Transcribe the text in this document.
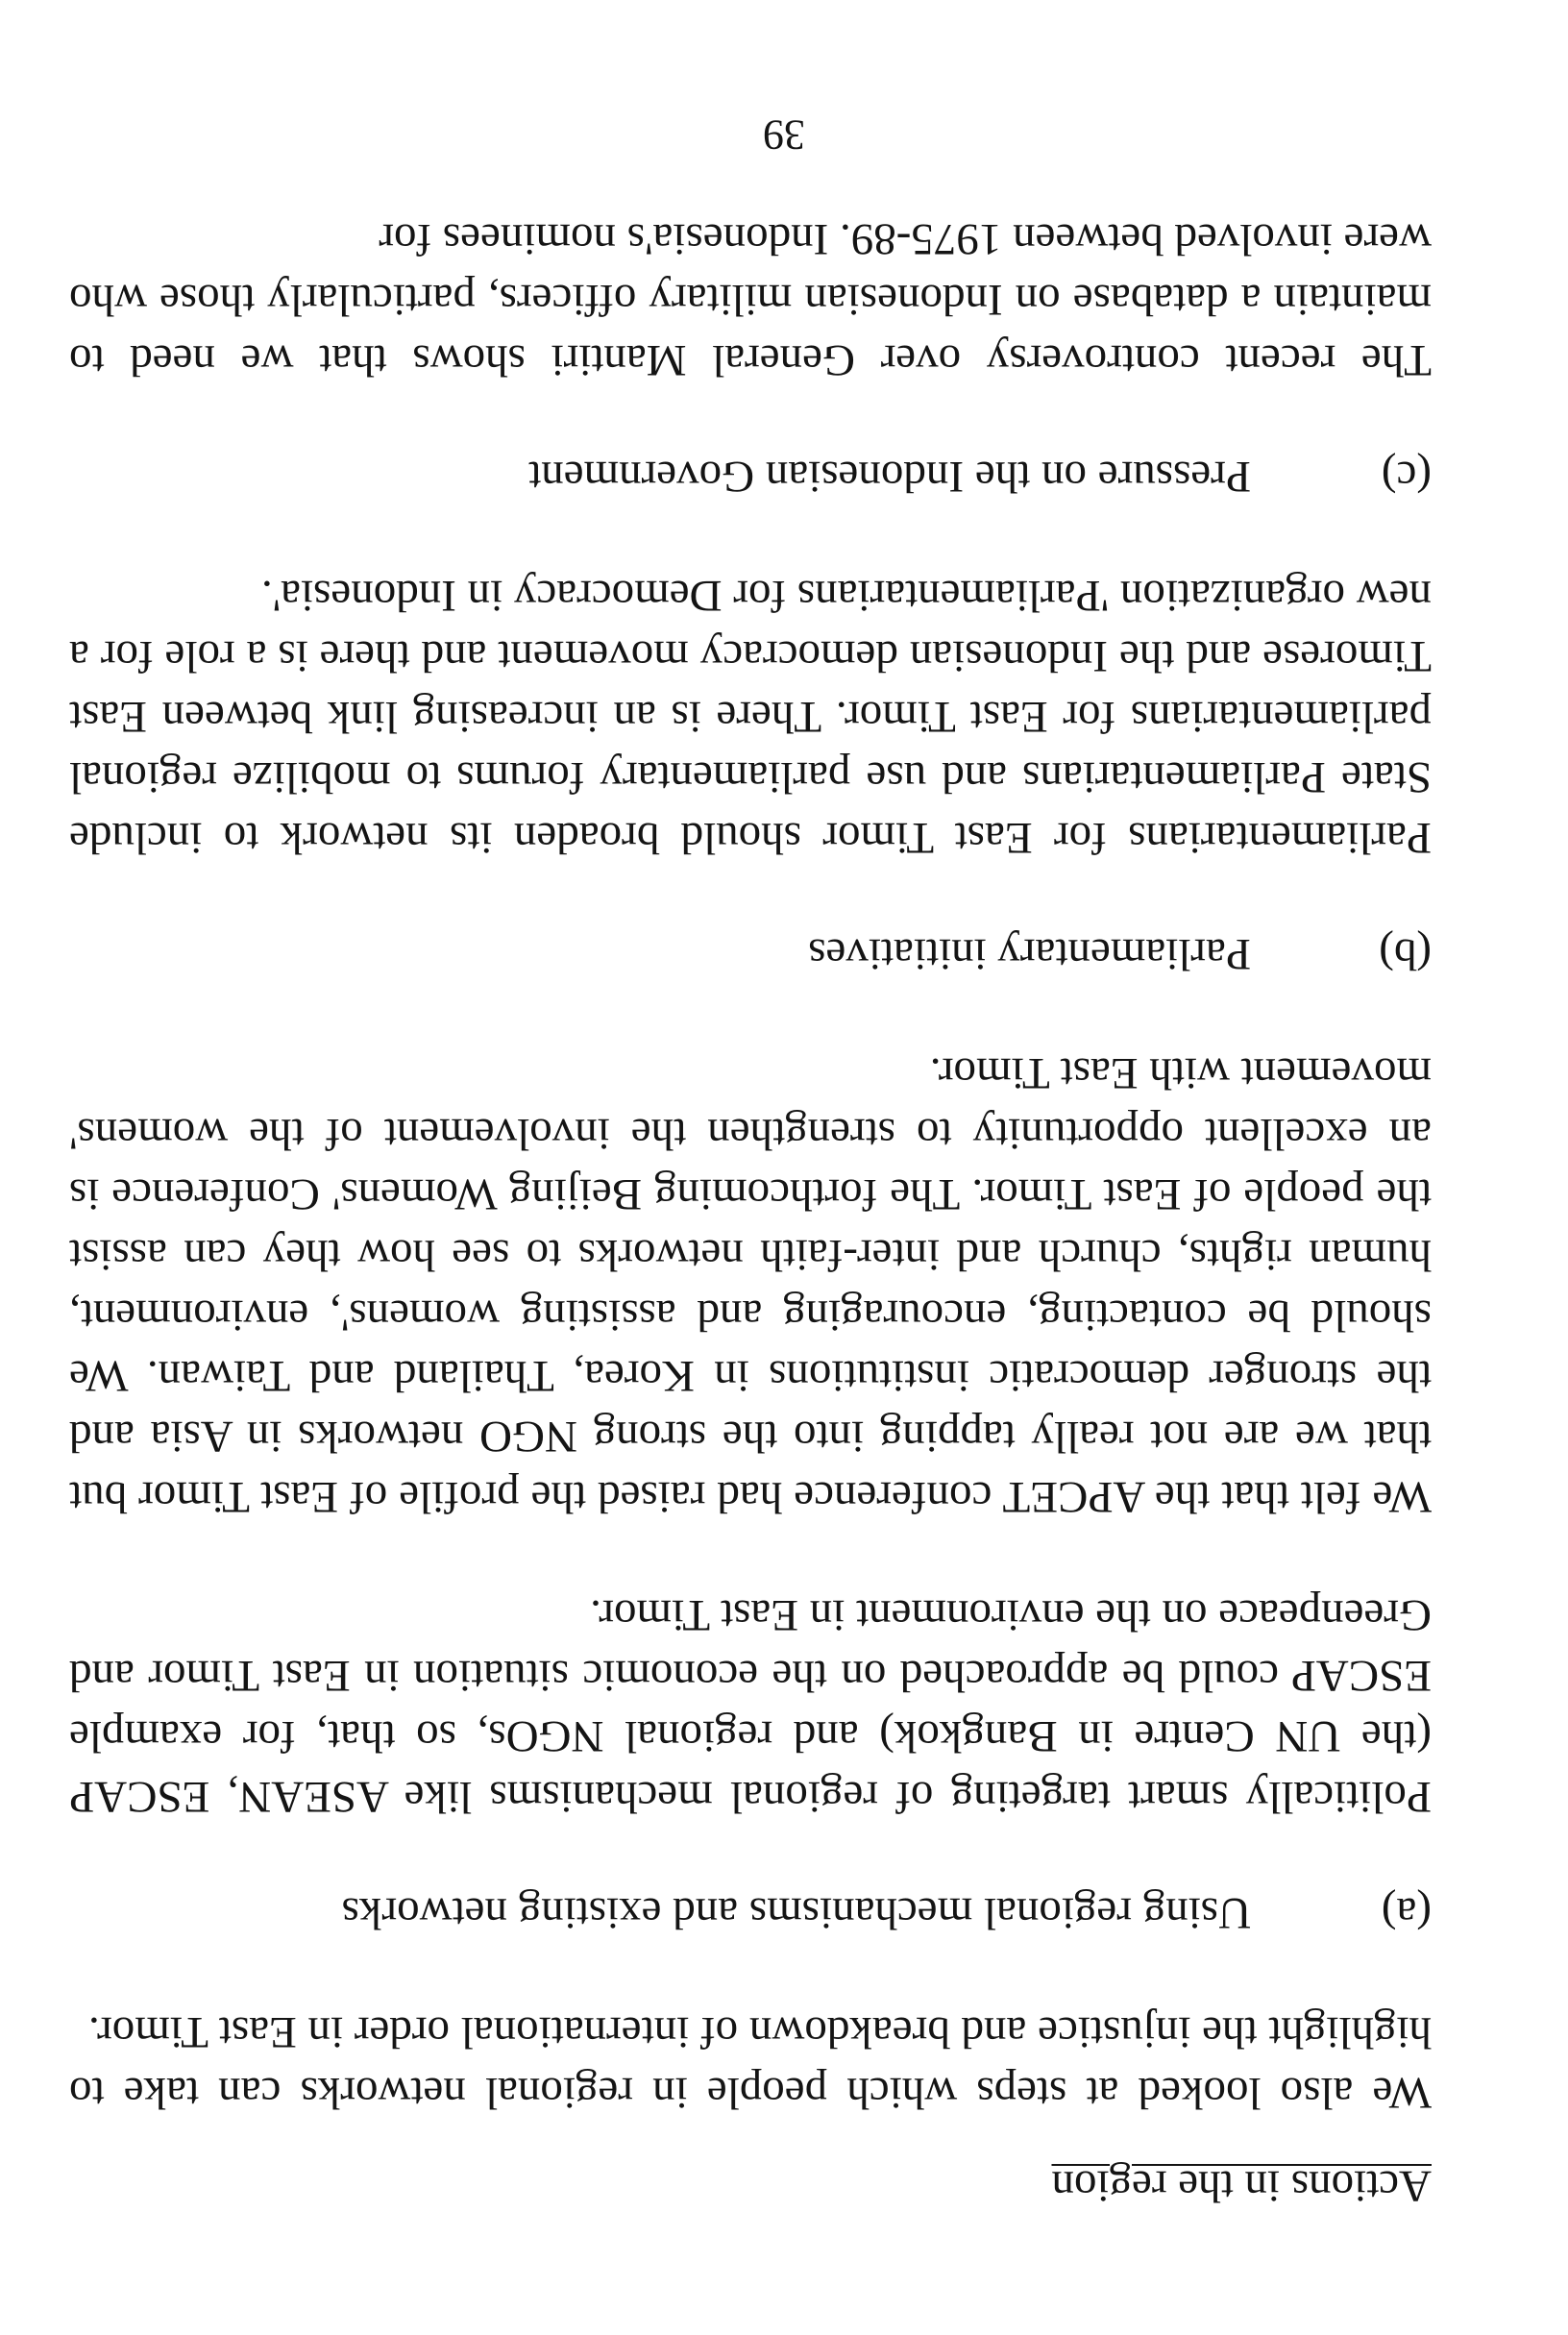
Actions in the region

We also looked at steps which people in regional networks can take to highlight the injustice and breakdown of international order in East Timor.

(a)
Using regional mechanisms and existing networks

Politically smart targeting of regional mechanisms like ASEAN, ESCAP (the UN Centre in Bangkok) and regional NGOs, so that, for example ESCAP could be approached on the economic situation in East Timor and Greenpeace on the environment in East Timor.

We felt that the APCET conference had raised the profile of East Timor but that we are not really tapping into the strong NGO networks in Asia and the stronger democratic institutions in Korea, Thailand and Taiwan. We should be contacting, encouraging and assisting womens', environment, human rights, church and inter-faith networks to see how they can assist the people of East Timor. The forthcoming Beijing Womens' Conference is an excellent opportunity to strengthen the involvement of the womens' movement with East Timor.

(b)
Parliamentary initiatives

Parliamentarians for East Timor should broaden its network to include State Parliamentarians and use parliamentary forums to mobilize regional parliamentarians for East Timor. There is an increasing link between East Timorese and the Indonesian democracy movement and there is a role for a new organization 'Parliamentarians for Democracy in Indonesia'.

(c)
Pressure on the Indonesian Government

The recent controversy over General Mantiri shows that we need to maintain a database on Indonesian military officers, particularly those who were involved between 1975-89. Indonesia's nominees for

39
